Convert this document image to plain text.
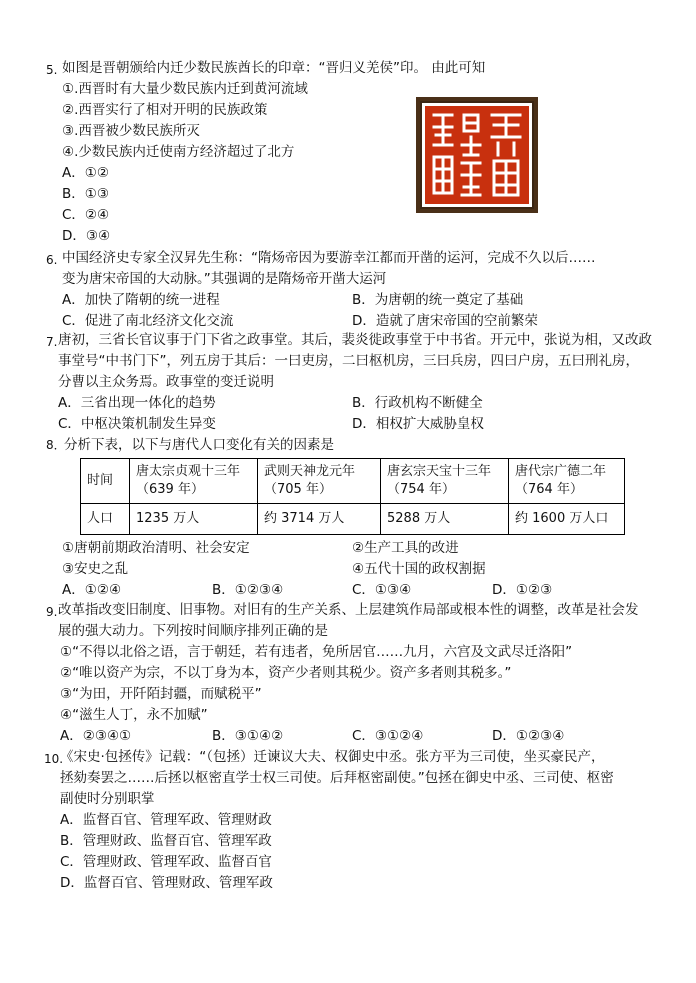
5. 如图是晋朝颁给内迁少数民族酋长的印章：“晋归义羌侯”印。 由此可知
①.西晋时有大量少数民族内迁到黄河流域
②.西晋实行了相对开明的民族政策
③.西晋被少数民族所灭
④.少数民族内迁使南方经济超过了北方
A．①②
B．①③
C．②④
D．③④
6. 中国经济史专家全汉昇先生称：“隋炀帝因为要游幸江都而开凿的运河，完成不久以后……
变为唐宋帝国的大动脉。”其强调的是隋炀帝开凿大运河
A．加快了隋朝的统一进程	B．为唐朝的统一奠定了基础
C．促进了南北经济文化交流	D．造就了唐宋帝国的空前繁荣
7. 唐初，三省长官议事于门下省之政事堂。其后，裴炎徙政事堂于中书省。开元中，张说为相，又改政
事堂号“中书门下”，列五房于其后：一曰吏房，二曰枢机房，三曰兵房，四曰户房，五曰刑礼房，
分曹以主众务焉。政事堂的变迁说明
A．三省出现一体化的趋势	B．行政机构不断健全
C．中枢决策机制发生异变	D．相权扩大威胁皇权
8．
分析下表，以下与唐代人口变化有关的因素是
时间	唐太宗贞观十三年（639 年）	武则天神龙元年（705 年）	唐玄宗天宝十三年（754 年）	唐代宗广德二年（764 年）
人口	1235 万人	约 3714 万人	5288 万人	约 1600 万人口
①唐朝前期政治清明、社会安定	②生产工具的改进
③安史之乱	④五代十国的政权割据
A．①②④	B．①②③④	C．①③④	D．①②③
9. 改革指改变旧制度、旧事物。对旧有的生产关系、上层建筑作局部或根本性的调整，改革是社会发
展的强大动力。下列按时间顺序排列正确的是
①“不得以北俗之语，言于朝廷，若有违者，免所居官……九月，六宫及文武尽迁洛阳”
②“唯以资产为宗，不以丁身为本，资产少者则其税少。资产多者则其税多。”
③“为田，开阡陌封疆，而赋税平”
④“滋生人丁，永不加赋”
A．②③④①	B．③①④②	C．③①②④	D．①②③④
10.
《宋史·包拯传》记载：“（包拯）迁谏议大夫、权御史中丞。张方平为三司使，坐买豪民产，
拯劾奏罢之……后拯以枢密直学士权三司使。后拜枢密副使。”包拯在御史中丞、三司使、枢密
副使时分别职掌
A．监督百官、管理军政、管理财政
B．管理财政、监督百官、管理军政
C．管理财政、管理军政、监督百官
D．监督百官、管理财政、管理军政
